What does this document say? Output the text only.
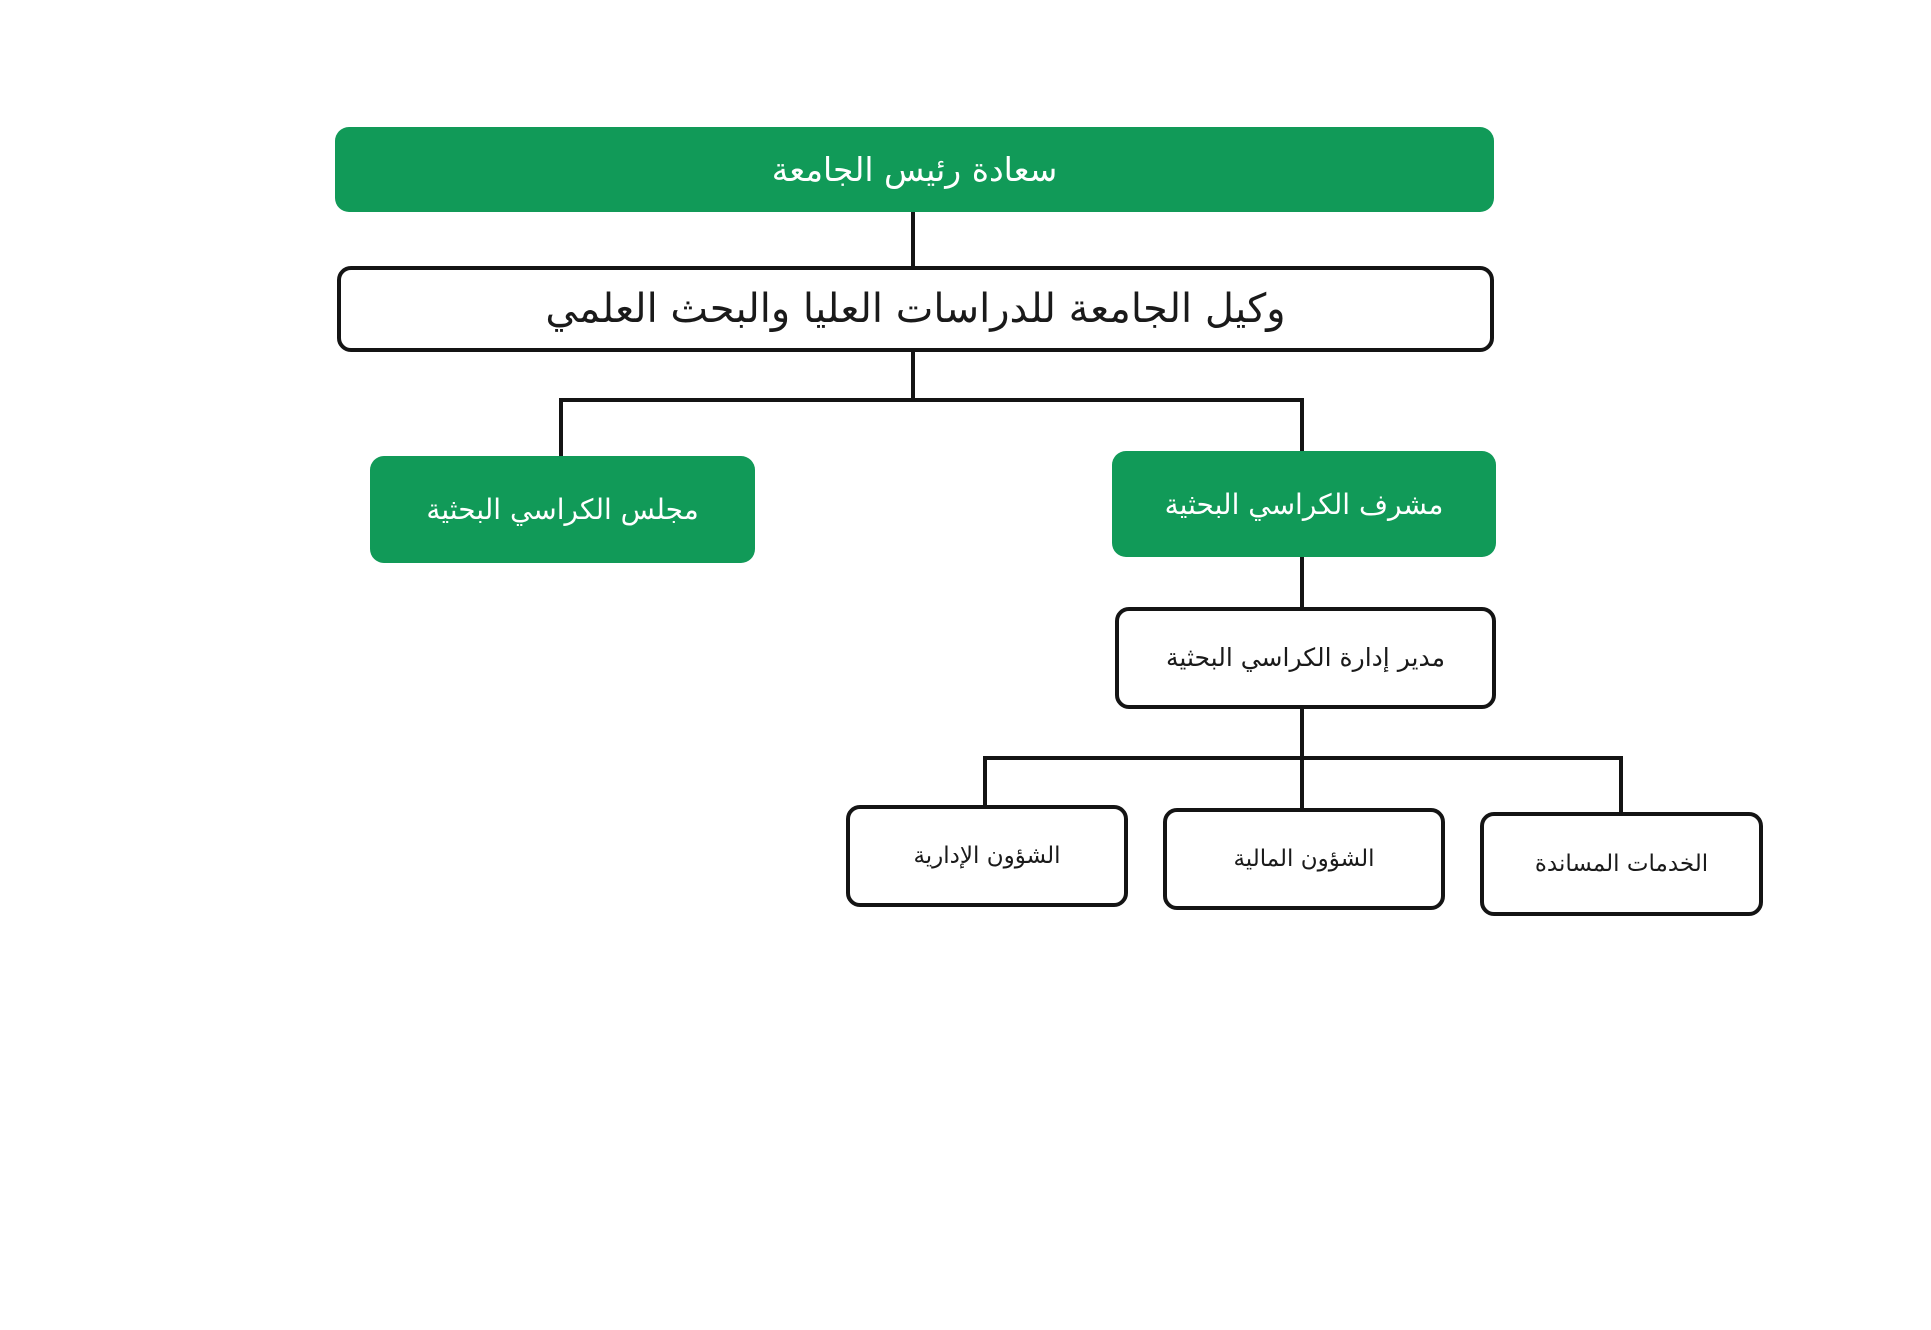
سعادة رئيس الجامعة
وكيل الجامعة للدراسات العليا والبحث العلمي
مجلس الكراسي البحثية	مشرف الكراسي البحثية
مدير إدارة الكراسي البحثية
الشؤون الإدارية	الشؤون المالية	الخدمات المساندة
